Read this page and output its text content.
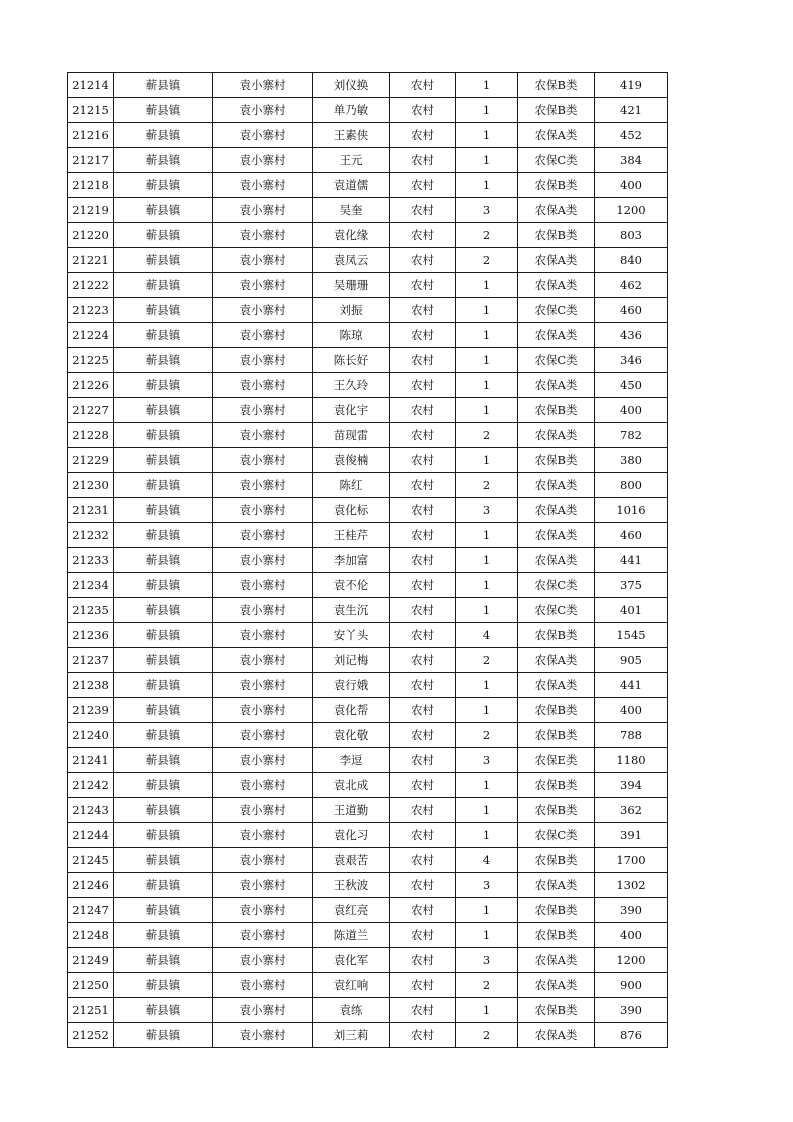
21214	蕲县镇	袁小寨村	刘仪换	农村	1	农保B类	419
21215	蕲县镇	袁小寨村	单乃敏	农村	1	农保B类	421
21216	蕲县镇	袁小寨村	王素侠	农村	1	农保A类	452
21217	蕲县镇	袁小寨村	王元	农村	1	农保C类	384
21218	蕲县镇	袁小寨村	袁道儒	农村	1	农保B类	400
21219	蕲县镇	袁小寨村	吴奎	农村	3	农保A类	1200
21220	蕲县镇	袁小寨村	袁化缘	农村	2	农保B类	803
21221	蕲县镇	袁小寨村	袁凤云	农村	2	农保A类	840
21222	蕲县镇	袁小寨村	吴珊珊	农村	1	农保A类	462
21223	蕲县镇	袁小寨村	刘振	农村	1	农保C类	460
21224	蕲县镇	袁小寨村	陈琼	农村	1	农保A类	436
21225	蕲县镇	袁小寨村	陈长好	农村	1	农保C类	346
21226	蕲县镇	袁小寨村	王久玲	农村	1	农保A类	450
21227	蕲县镇	袁小寨村	袁化宇	农村	1	农保B类	400
21228	蕲县镇	袁小寨村	苗现雷	农村	2	农保A类	782
21229	蕲县镇	袁小寨村	袁俊楠	农村	1	农保B类	380
21230	蕲县镇	袁小寨村	陈红	农村	2	农保A类	800
21231	蕲县镇	袁小寨村	袁化标	农村	3	农保A类	1016
21232	蕲县镇	袁小寨村	王桂芹	农村	1	农保A类	460
21233	蕲县镇	袁小寨村	李加富	农村	1	农保A类	441
21234	蕲县镇	袁小寨村	袁不伦	农村	1	农保C类	375
21235	蕲县镇	袁小寨村	袁生沉	农村	1	农保C类	401
21236	蕲县镇	袁小寨村	安丫头	农村	4	农保B类	1545
21237	蕲县镇	袁小寨村	刘记梅	农村	2	农保A类	905
21238	蕲县镇	袁小寨村	袁行娥	农村	1	农保A类	441
21239	蕲县镇	袁小寨村	袁化帮	农村	1	农保B类	400
21240	蕲县镇	袁小寨村	袁化敬	农村	2	农保B类	788
21241	蕲县镇	袁小寨村	李逗	农村	3	农保E类	1180
21242	蕲县镇	袁小寨村	袁北成	农村	1	农保B类	394
21243	蕲县镇	袁小寨村	王道勤	农村	1	农保B类	362
21244	蕲县镇	袁小寨村	袁化习	农村	1	农保C类	391
21245	蕲县镇	袁小寨村	袁艰苦	农村	4	农保B类	1700
21246	蕲县镇	袁小寨村	王秋波	农村	3	农保A类	1302
21247	蕲县镇	袁小寨村	袁红亮	农村	1	农保B类	390
21248	蕲县镇	袁小寨村	陈道兰	农村	1	农保B类	400
21249	蕲县镇	袁小寨村	袁化军	农村	3	农保A类	1200
21250	蕲县镇	袁小寨村	袁红响	农村	2	农保A类	900
21251	蕲县镇	袁小寨村	袁练	农村	1	农保B类	390
21252	蕲县镇	袁小寨村	刘三莉	农村	2	农保A类	876
